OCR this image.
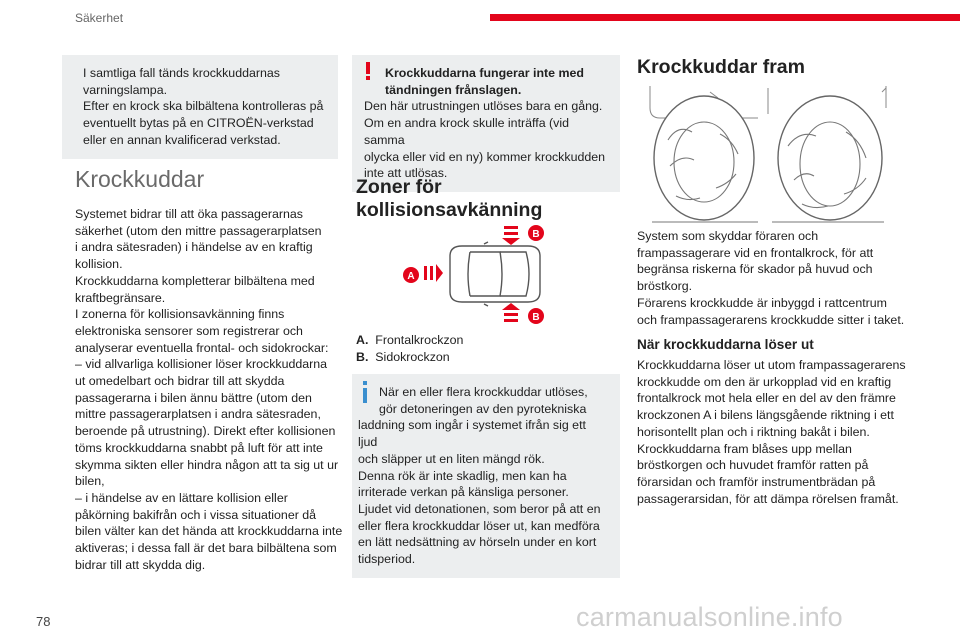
Säkerhet

I samtliga fall tänds krockkuddarnas

varningslampa.

Efter en krock ska bilbältena kontrolleras på

eventuellt bytas på en CITROËN-verkstad

eller en annan kvalificerad verkstad.

Krockkuddar

Systemet bidrar till att öka passagerarnas

säkerhet (utom den mittre passagerarplatsen

i andra sätesraden) i händelse av en kraftig

kollision.

Krockkuddarna kompletterar bilbältena med

kraftbegränsare.

I zonerna för kollisionsavkänning finns

elektroniska sensorer som registrerar och

analyserar eventuella frontal- och sidokrockar:

– vid allvarliga kollisioner löser krockkuddarna

ut omedelbart och bidrar till att skydda

passagerarna i bilen ännu bättre (utom den

mittre passagerarplatsen i andra sätesraden,

beroende på utrustning). Direkt efter kollisionen

töms krockkuddarna snabbt på luft för att inte

skymma sikten eller hindra någon att ta sig ut ur

bilen,

– i händelse av en lättare kollision eller

påkörning bakifrån och i vissa situationer då

bilen välter kan det hända att krockkuddarna inte

aktiveras; i dessa fall är det bara bilbältena som

bidrar till att skydda dig.

Krockkuddarna fungerar inte med

tändningen frånslagen.

Den här utrustningen utlöses bara en gång.

Om en andra krock skulle inträffa (vid samma

olycka eller vid en ny) kommer krockkudden

inte att utlösas.

Zoner för
kollisionsavkänning
A
B
B

A. Frontalkrockzon

B. Sidokrockzon

När en eller flera krockkuddar utlöses,

gör detoneringen av den pyrotekniska

laddning som ingår i systemet ifrån sig ett ljud

och släpper ut en liten mängd rök.

Denna rök är inte skadlig, men kan ha

irriterade verkan på känsliga personer.

Ljudet vid detonationen, som beror på att en

eller flera krockkuddar löser ut, kan medföra

en lätt nedsättning av hörseln under en kort

tidsperiod.

Krockkuddar fram

System som skyddar föraren och

frampassagerare vid en frontalkrock, för att

begränsa riskerna för skador på huvud och

bröstkorg.

Förarens krockkudde är inbyggd i rattcentrum

och frampassagerarens krockkudde sitter i taket.

När krockkuddarna löser ut

Krockkuddarna löser ut utom frampassagerarens

krockkudde om den är urkopplad vid en kraftig

frontalkrock mot hela eller en del av den främre

krockzonen A i bilens längsgående riktning i ett

horisontellt plan och i riktning bakåt i bilen.

Krockkuddarna fram blåses upp mellan

bröstkorgen och huvudet framför ratten på

förarsidan och framför instrumentbrädan på

passagerarsidan, för att dämpa rörelsen framåt.

78	carmanualsonline.info
